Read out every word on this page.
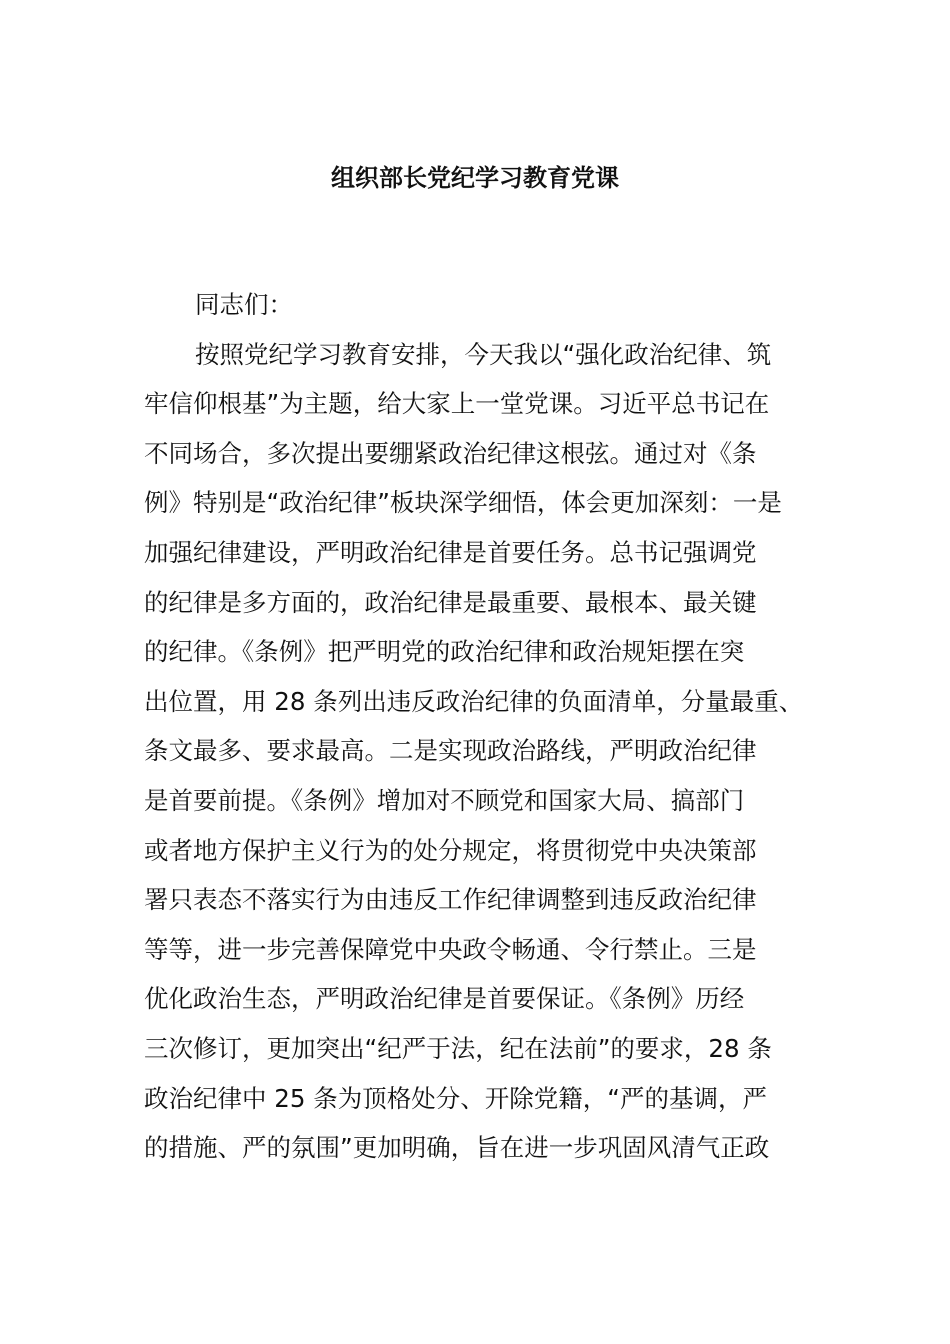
组织部长党纪学习教育党课
同志们：
按照党纪学习教育安排，今天我以“强化政治纪律、筑
牢信仰根基”为主题，给大家上一堂党课。习近平总书记在
不同场合，多次提出要绷紧政治纪律这根弦。通过对《条
例》特别是“政治纪律”板块深学细悟，体会更加深刻：一是
加强纪律建设，严明政治纪律是首要任务。总书记强调党
的纪律是多方面的，政治纪律是最重要、最根本、最关键
的纪律。《条例》把严明党的政治纪律和政治规矩摆在突
出位置，用 28 条列出违反政治纪律的负面清单，分量最重、
条文最多、要求最高。二是实现政治路线，严明政治纪律
是首要前提。《条例》增加对不顾党和国家大局、搞部门
或者地方保护主义行为的处分规定，将贯彻党中央决策部
署只表态不落实行为由违反工作纪律调整到违反政治纪律
等等，进一步完善保障党中央政令畅通、令行禁止。三是
优化政治生态，严明政治纪律是首要保证。《条例》历经
三次修订，更加突出“纪严于法，纪在法前”的要求，28 条
政治纪律中 25 条为顶格处分、开除党籍，“严的基调，严
的措施、严的氛围”更加明确，旨在进一步巩固风清气正政
